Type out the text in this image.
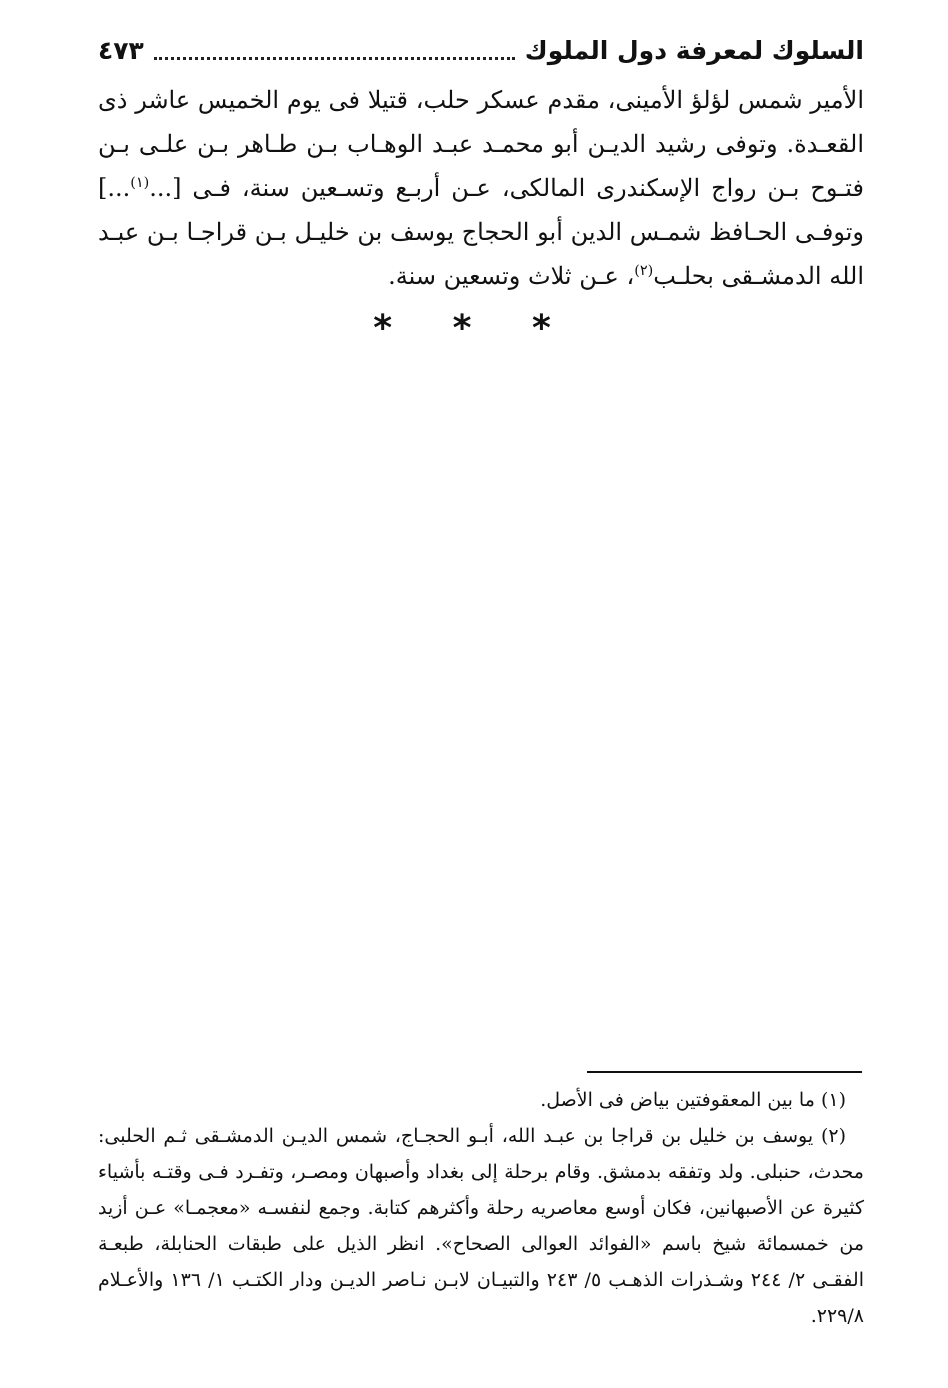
السلوك لمعرفة دول الملوك
٤٧٣

الأمير شمس لؤلؤ الأمينى، مقدم عسكر حلب، قتيلا فى يوم الخميس عاشر ذى القعـدة. وتوفى رشيد الديـن أبو محمـد عبـد الوهـاب بـن طـاهر بـن علـى بـن فتـوح بـن رواج الإسكندرى المالكى، عـن أربـع وتسـعين سنة، فـى [...$^{(١)}$...] وتوفـى الحـافظ شمـس الدين أبو الحجاج يوسف بن خليـل بـن قراجـا بـن عبـد الله الدمشـقى بحلـب$^{(٢)}$، عـن ثلاث وتسعين سنة.

* * *

(١) ما بين المعقوفتين بياض فى الأصل.

(٢) يوسف بن خليل بن قراجا بن عبـد الله، أبـو الحجـاج، شمس الديـن الدمشـقى ثـم الحلبى: محدث، حنبلى. ولد وتفقه بدمشق. وقام برحلة إلى بغداد وأصبهان ومصـر، وتفـرد فـى وقتـه بأشياء كثيرة عن الأصبهانين، فكان أوسع معاصريه رحلة وأكثرهم كتابة. وجمع لنفسـه «معجمـا» عـن أزيد من خمسمائة شيخ باسم «الفوائد العوالى الصحاح». انظر الذيل على طبقات الحنابلة، طبعـة الفقـى ٢/ ٢٤٤ وشـذرات الذهـب ٥/ ٢٤٣ والتبيـان لابـن نـاصر الديـن ودار الكتـب ١/ ١٣٦ والأعـلام ٢٢٩/٨.
